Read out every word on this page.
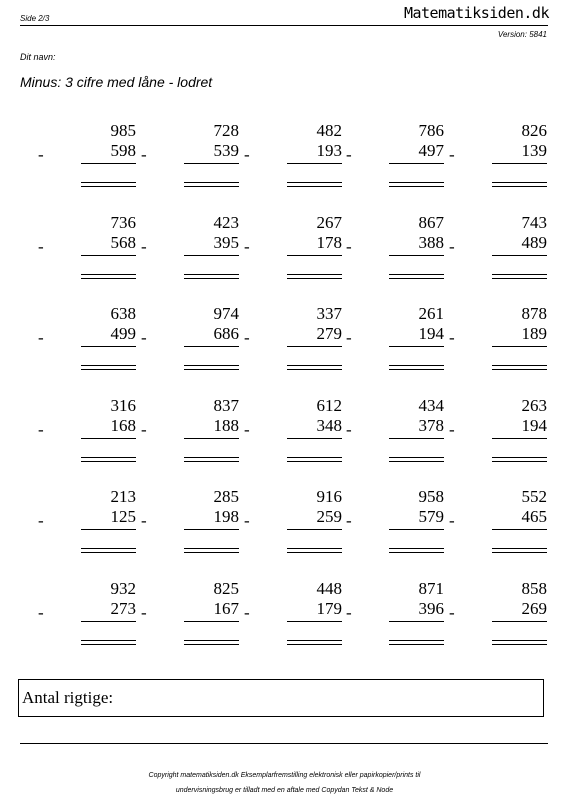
Side 2/3	Matematiksiden.dk
Version: 5841
Dit navn:
Minus: 3 cifre med låne - lodret
985
-	598
728
-	539
482
-	193
786
-	497
826
-	139
736
-	568
423
-	395
267
-	178
867
-	388
743
-	489
638
-	499
974
-	686
337
-	279
261
-	194
878
-	189
316
-	168
837
-	188
612
-	348
434
-	378
263
-	194
213
-	125
285
-	198
916
-	259
958
-	579
552
-	465
932
-	273
825
-	167
448
-	179
871
-	396
858
-	269
Antal rigtige:
Copyright matematiksiden.dk Eksemplarfremstilling elektronisk eller papirkopier/prints til
undervisningsbrug er tilladt med en aftale med Copydan Tekst & Node
